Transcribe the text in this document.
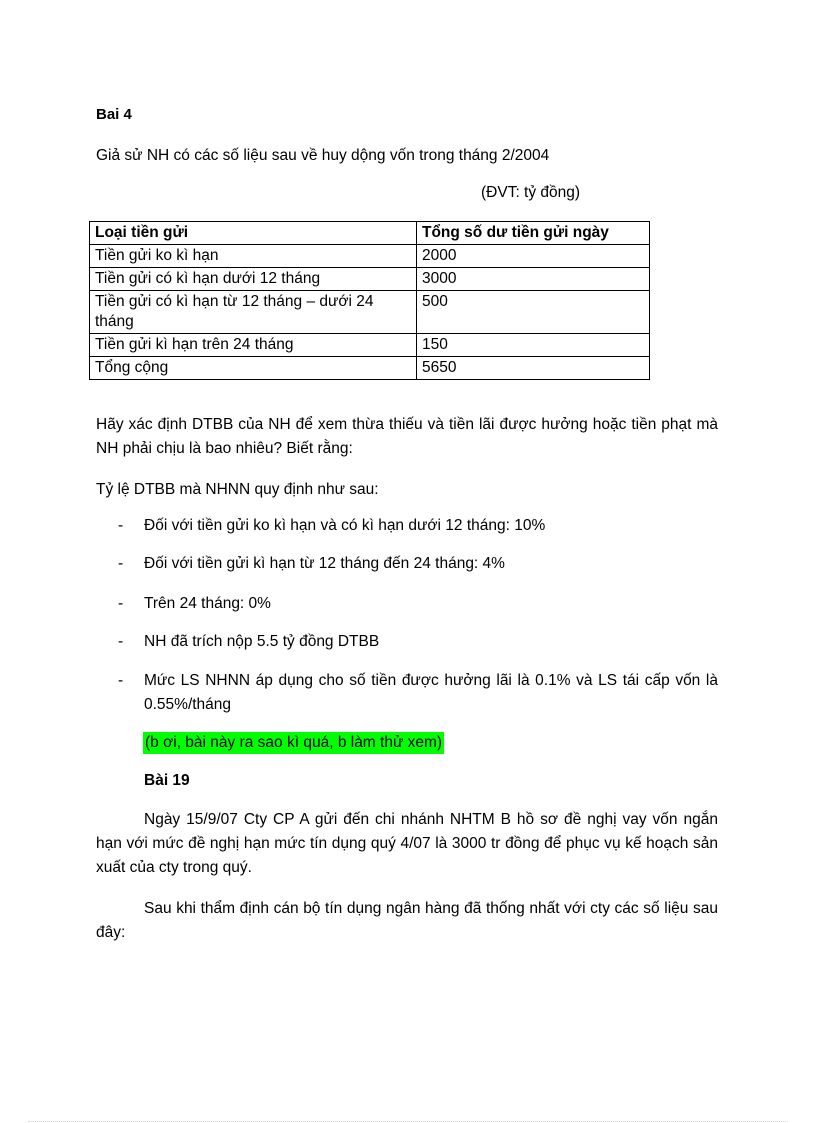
Bai 4
Giả sử NH có các số liệu sau về huy dộng vốn trong tháng 2/2004
(ĐVT: tỷ đồng)
Loại tiền gửi	Tổng số dư tiền gửi ngày
Tiền gửi ko kì hạn	2000
Tiền gửi có kì hạn dưới 12 tháng	3000
Tiền gửi có kì hạn từ 12 tháng – dưới 24 tháng	500
Tiền gửi kì hạn trên 24 tháng	150
Tổng cộng	5650
Hãy xác định DTBB của NH để xem thừa thiếu và tiền lãi được hưởng hoặc tiền phạt mà NH phải chịu là bao nhiêu? Biết rằng:
Tỷ lệ DTBB mà NHNN quy định như sau:
- Đối với tiền gửi ko kì hạn và có kì hạn dưới 12 tháng: 10%
- Đối với tiền gửi kì hạn từ 12 tháng đến 24 tháng: 4%
- Trên 24 tháng: 0%
- NH đã trích nộp 5.5 tỷ đồng DTBB
- Mức LS NHNN áp dụng cho số tiền được hưởng lãi là 0.1% và LS tái cấp vốn là 0.55%/tháng
(b ơi, bài này ra sao kì quá, b làm thử xem)
Bài 19
Ngày 15/9/07 Cty CP A gửi đến chi nhánh NHTM B hồ sơ đề nghị vay vốn ngắn hạn với mức đề nghị hạn mức tín dụng quý 4/07 là 3000 tr đồng để phục vụ kế hoạch sản xuất của cty trong quý.
Sau khi thẩm định cán bộ tín dụng ngân hàng đã thống nhất với cty các số liệu sau đây:
